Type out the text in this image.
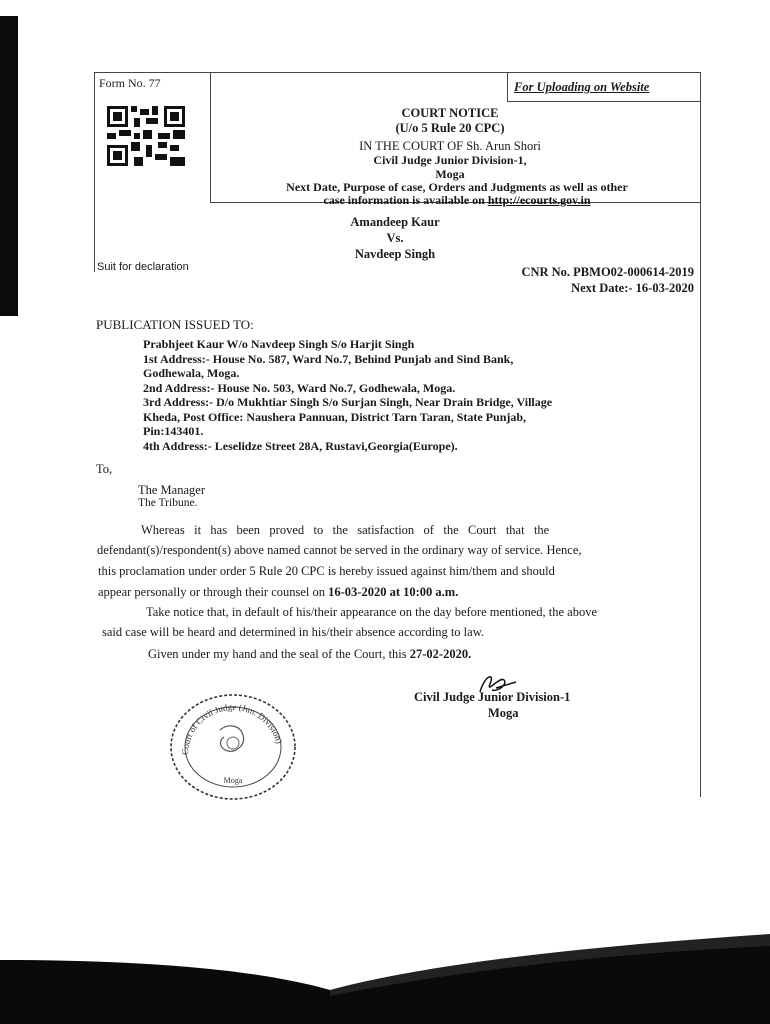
Form No. 77	For Uploading on Website
COURT NOTICE
(U/o 5 Rule 20 CPC)
IN THE COURT OF Sh. Arun Shori
Civil Judge Junior Division-1,
Moga
Next Date, Purpose of case, Orders and Judgments as well as other
case information is available on http://ecourts.gov.in
Amandeep Kaur
Vs.
Navdeep Singh
Suit for declaration	CNR No. PBMO02-000614-2019
Next Date:- 16-03-2020
PUBLICATION ISSUED TO:
Prabhjeet Kaur W/o Navdeep Singh S/o Harjit Singh
1st Address:- House No. 587, Ward No.7, Behind Punjab and Sind Bank,
Godhewala, Moga.
2nd Address:- House No. 503, Ward No.7, Godhewala, Moga.
3rd Address:- D/o Mukhtiar Singh S/o Surjan Singh, Near Drain Bridge, Village
Kheda, Post Office: Naushera Pannuan, District Tarn Taran, State Punjab,
Pin:143401.
4th Address:- Leselidze Street 28A, Rustavi,Georgia(Europe).
To,
The Manager
The Tribune.
Whereas   it   has   been   proved   to   the   satisfaction   of   the   Court   that   the
defendant(s)/respondent(s) above named cannot be served in the ordinary way of service. Hence,
this proclamation under order 5 Rule 20 CPC is hereby issued against him/them and should
appear personally or through their counsel on 16-03-2020 at 10:00 a.m.
Take notice that, in default of his/their appearance on the day before mentioned, the above
said case will be heard and determined in his/their absence according to law.
Given under my hand and the seal of the Court, this 27-02-2020.
Civil Judge Junior Division-1
Moga
Court of Civil Judge (Jun. Division)
Moga
